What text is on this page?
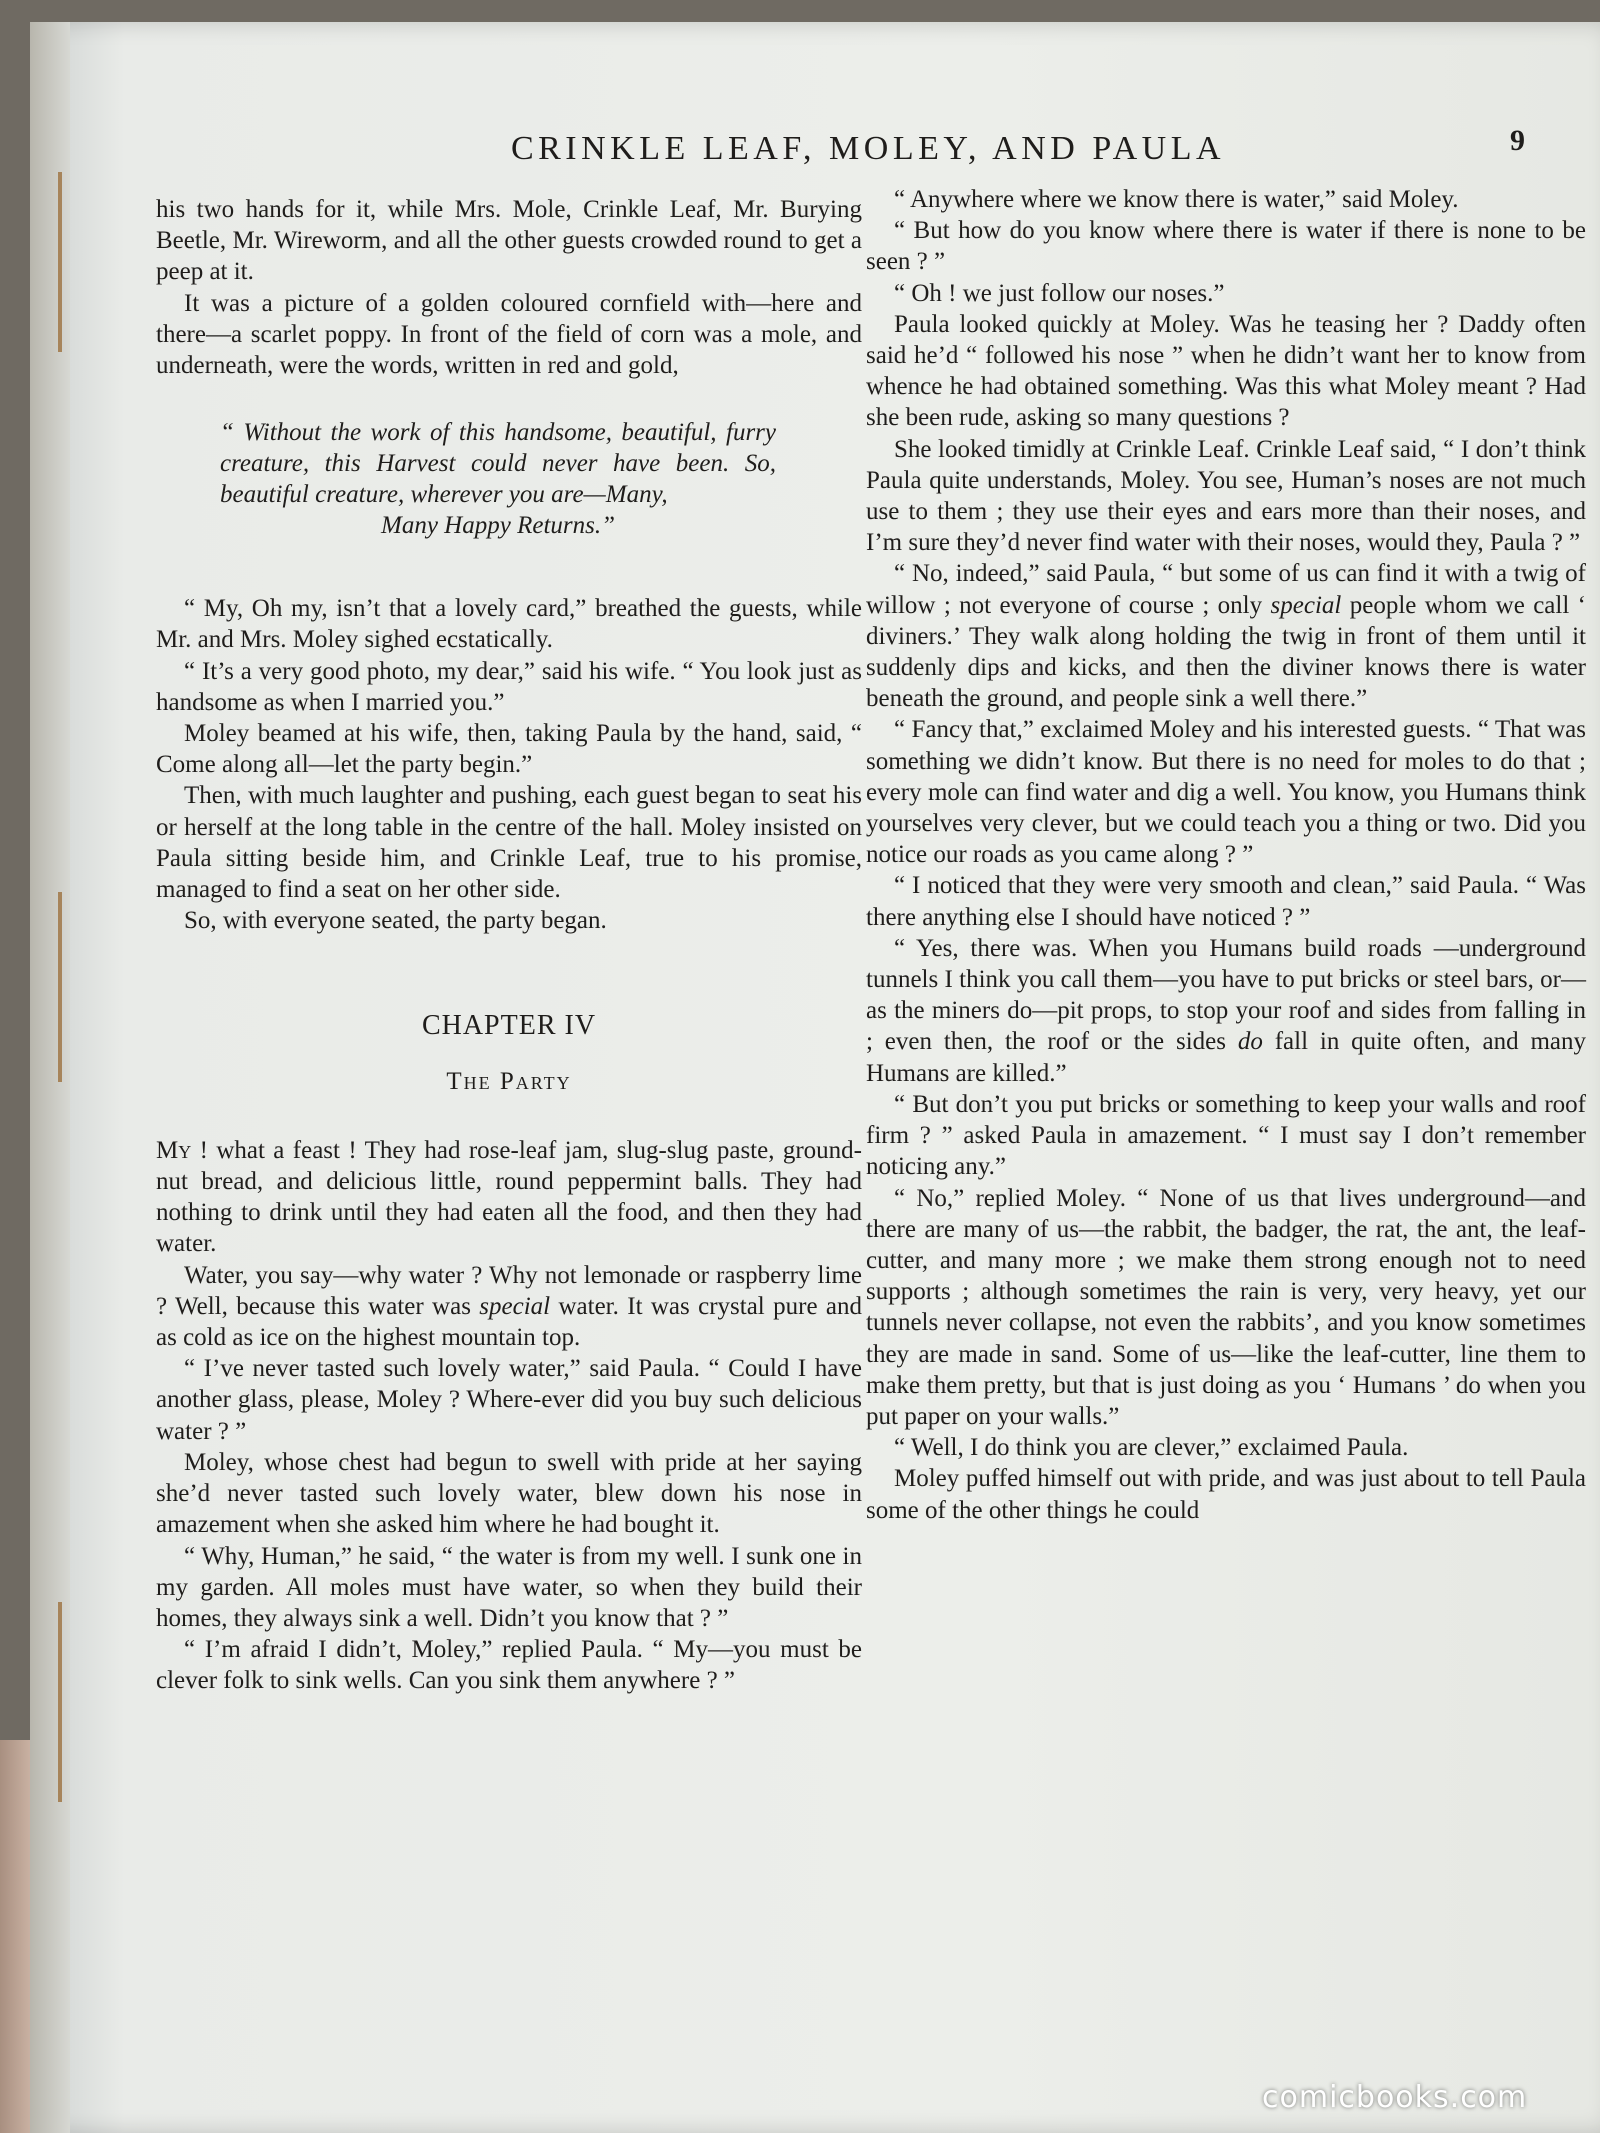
CRINKLE LEAF, MOLEY, AND PAULA	9

his two hands for it, while Mrs. Mole, Crinkle Leaf, Mr. Burying Beetle, Mr. Wireworm, and all the other guests crowded round to get a peep at it.

It was a picture of a golden coloured cornfield with—here and there—a scarlet poppy. In front of the field of corn was a mole, and underneath, were the words, written in red and gold,

“ Without the work of this handsome, beautiful, furry creature, this Harvest could never have been. So, beautiful creature, wherever you are—Many,
Many Happy Returns.”

“ My, Oh my, isn’t that a lovely card,” breathed the guests, while Mr. and Mrs. Moley sighed ecstatically.

“ It’s a very good photo, my dear,” said his wife. “ You look just as handsome as when I married you.”

Moley beamed at his wife, then, taking Paula by the hand, said, “ Come along all—let the party begin.”

Then, with much laughter and pushing, each guest began to seat his or herself at the long table in the centre of the hall. Moley insisted on Paula sitting beside him, and Crinkle Leaf, true to his promise, managed to find a seat on her other side.

So, with everyone seated, the party began.

CHAPTER IV
The Party

My ! what a feast ! They had rose-leaf jam, slug-slug paste, ground-nut bread, and delicious little, round peppermint balls. They had nothing to drink until they had eaten all the food, and then they had water.

Water, you say—why water ? Why not lemonade or raspberry lime ? Well, because this water was special water. It was crystal pure and as cold as ice on the highest mountain top.

“ I’ve never tasted such lovely water,” said Paula. “ Could I have another glass, please, Moley ? Where-ever did you buy such delicious water ? ”

Moley, whose chest had begun to swell with pride at her saying she’d never tasted such lovely water, blew down his nose in amazement when she asked him where he had bought it.

“ Why, Human,” he said, “ the water is from my well. I sunk one in my garden. All moles must have water, so when they build their homes, they always sink a well. Didn’t you know that ? ”

“ I’m afraid I didn’t, Moley,” replied Paula. “ My—you must be clever folk to sink wells. Can you sink them anywhere ? ”

“ Anywhere where we know there is water,” said Moley.

“ But how do you know where there is water if there is none to be seen ? ”

“ Oh ! we just follow our noses.”

Paula looked quickly at Moley. Was he teasing her ? Daddy often said he’d “ followed his nose ” when he didn’t want her to know from whence he had obtained something. Was this what Moley meant ? Had she been rude, asking so many questions ?

She looked timidly at Crinkle Leaf. Crinkle Leaf said, “ I don’t think Paula quite understands, Moley. You see, Human’s noses are not much use to them ; they use their eyes and ears more than their noses, and I’m sure they’d never find water with their noses, would they, Paula ? ”

“ No, indeed,” said Paula, “ but some of us can find it with a twig of willow ; not everyone of course ; only special people whom we call ‘ diviners.’ They walk along holding the twig in front of them until it suddenly dips and kicks, and then the diviner knows there is water beneath the ground, and people sink a well there.”

“ Fancy that,” exclaimed Moley and his interested guests. “ That was something we didn’t know. But there is no need for moles to do that ; every mole can find water and dig a well. You know, you Humans think yourselves very clever, but we could teach you a thing or two. Did you notice our roads as you came along ? ”

“ I noticed that they were very smooth and clean,” said Paula. “ Was there anything else I should have noticed ? ”

“ Yes, there was. When you Humans build roads —underground tunnels I think you call them—you have to put bricks or steel bars, or—as the miners do—pit props, to stop your roof and sides from falling in ; even then, the roof or the sides do fall in quite often, and many Humans are killed.”

“ But don’t you put bricks or something to keep your walls and roof firm ? ” asked Paula in amazement. “ I must say I don’t remember noticing any.”

“ No,” replied Moley. “ None of us that lives underground—and there are many of us—the rabbit, the badger, the rat, the ant, the leaf-cutter, and many more ; we make them strong enough not to need supports ; although sometimes the rain is very, very heavy, yet our tunnels never collapse, not even the rabbits’, and you know sometimes they are made in sand. Some of us—like the leaf-cutter, line them to make them pretty, but that is just doing as you ‘ Humans ’ do when you put paper on your walls.”

“ Well, I do think you are clever,” exclaimed Paula.

Moley puffed himself out with pride, and was just about to tell Paula some of the other things he could

comicbooks.com
